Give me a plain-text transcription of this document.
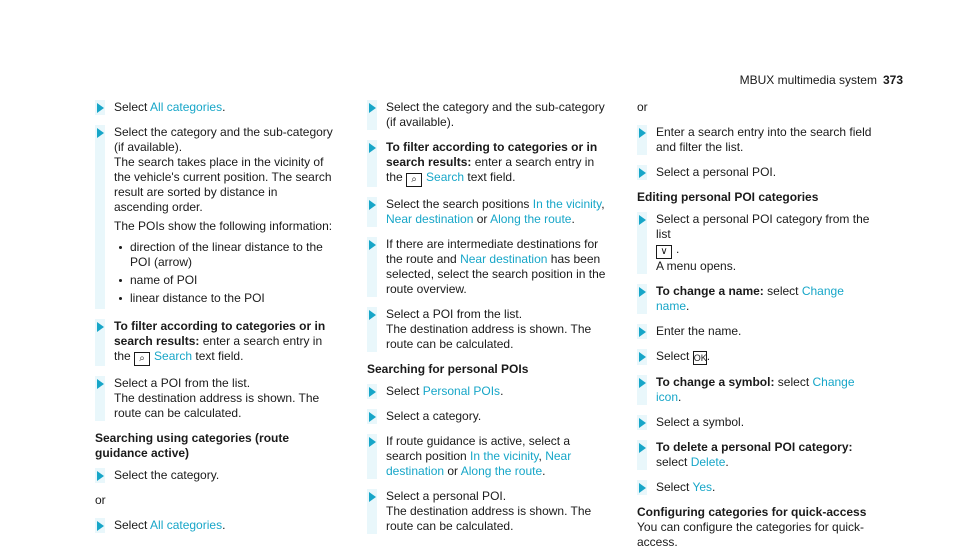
MBUX multimedia system 373
Select All categories.
Select the category and the sub-category (if available).
The search takes place in the vicinity of the vehicle's current position. The search result are sorted by distance in ascending order.
The POIs show the following information:
direction of the linear distance to the POI (arrow)
name of POI
linear distance to the POI
To filter according to categories or in search results: enter a search entry in the ⌕ Search text field.
Select a POI from the list.
The destination address is shown. The route can be calculated.
Searching using categories (route guidance active)
Select the category.
or
Select All categories.
Select the category and the sub-category (if available).
To filter according to categories or in search results: enter a search entry in the ⌕ Search text field.
Select the search positions In the vicinity, Near destination or Along the route.
If there are intermediate destinations for the route and Near destination has been selected, select the search position in the route overview.
Select a POI from the list.
The destination address is shown. The route can be calculated.
Searching for personal POIs
Select Personal POIs.
Select a category.
If route guidance is active, select a search position In the vicinity, Near destination or Along the route.
Select a personal POI.
The destination address is shown. The route can be calculated.
or
Enter a search entry into the search field and filter the list.
Select a personal POI.
Editing personal POI categories
Select a personal POI category from the list
∨ .
A menu opens.
To change a name: select Change name.
Enter the name.
Select OK.
To change a symbol: select Change icon.
Select a symbol.
To delete a personal POI category: select Delete.
Select Yes.
Configuring categories for quick-access
You can configure the categories for quick-access.
